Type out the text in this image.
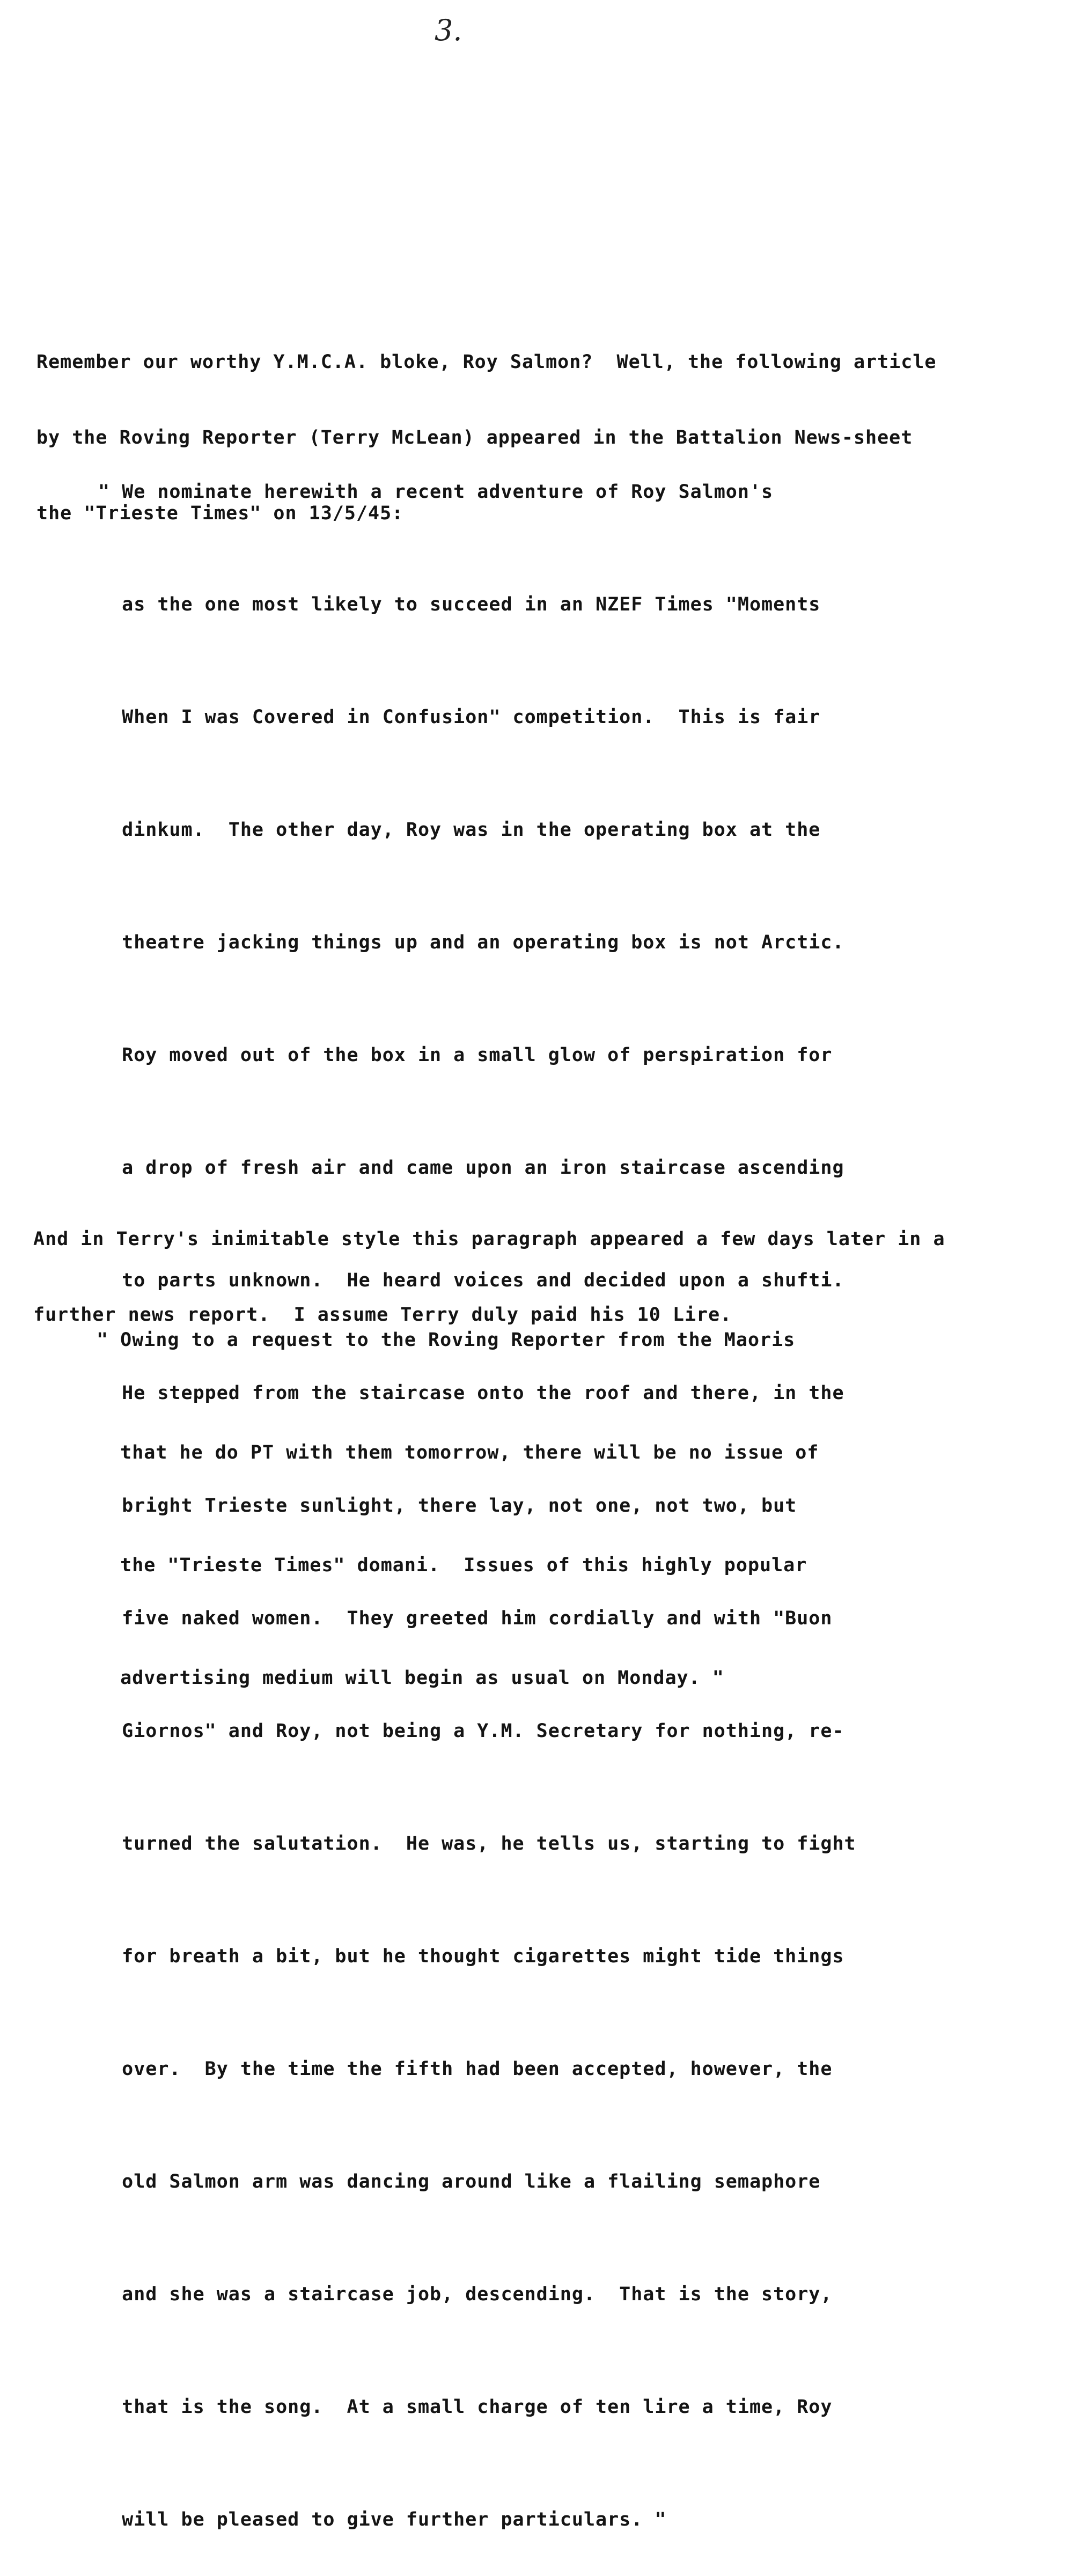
3.

Remember our worthy Y.M.C.A. bloke, Roy Salmon?  Well, the following article

by the Roving Reporter (Terry McLean) appeared in the Battalion News-sheet

the "Trieste Times" on 13/5/45:

" We nominate herewith a recent adventure of Roy Salmon's

as the one most likely to succeed in an NZEF Times "Moments

When I was Covered in Confusion" competition.  This is fair

dinkum.  The other day, Roy was in the operating box at the

theatre jacking things up and an operating box is not Arctic.

Roy moved out of the box in a small glow of perspiration for

a drop of fresh air and came upon an iron staircase ascending

to parts unknown.  He heard voices and decided upon a shufti.

He stepped from the staircase onto the roof and there, in the

bright Trieste sunlight, there lay, not one, not two, but

five naked women.  They greeted him cordially and with "Buon

Giornos" and Roy, not being a Y.M. Secretary for nothing, re-

turned the salutation.  He was, he tells us, starting to fight

for breath a bit, but he thought cigarettes might tide things

over.  By the time the fifth had been accepted, however, the

old Salmon arm was dancing around like a flailing semaphore

and she was a staircase job, descending.  That is the story,

that is the song.  At a small charge of ten lire a time, Roy

will be pleased to give further particulars. "

And in Terry's inimitable style this paragraph appeared a few days later in a

further news report.  I assume Terry duly paid his 10 Lire.

" Owing to a request to the Roving Reporter from the Maoris

that he do PT with them tomorrow, there will be no issue of

the "Trieste Times" domani.  Issues of this highly popular

advertising medium will begin as usual on Monday. "
